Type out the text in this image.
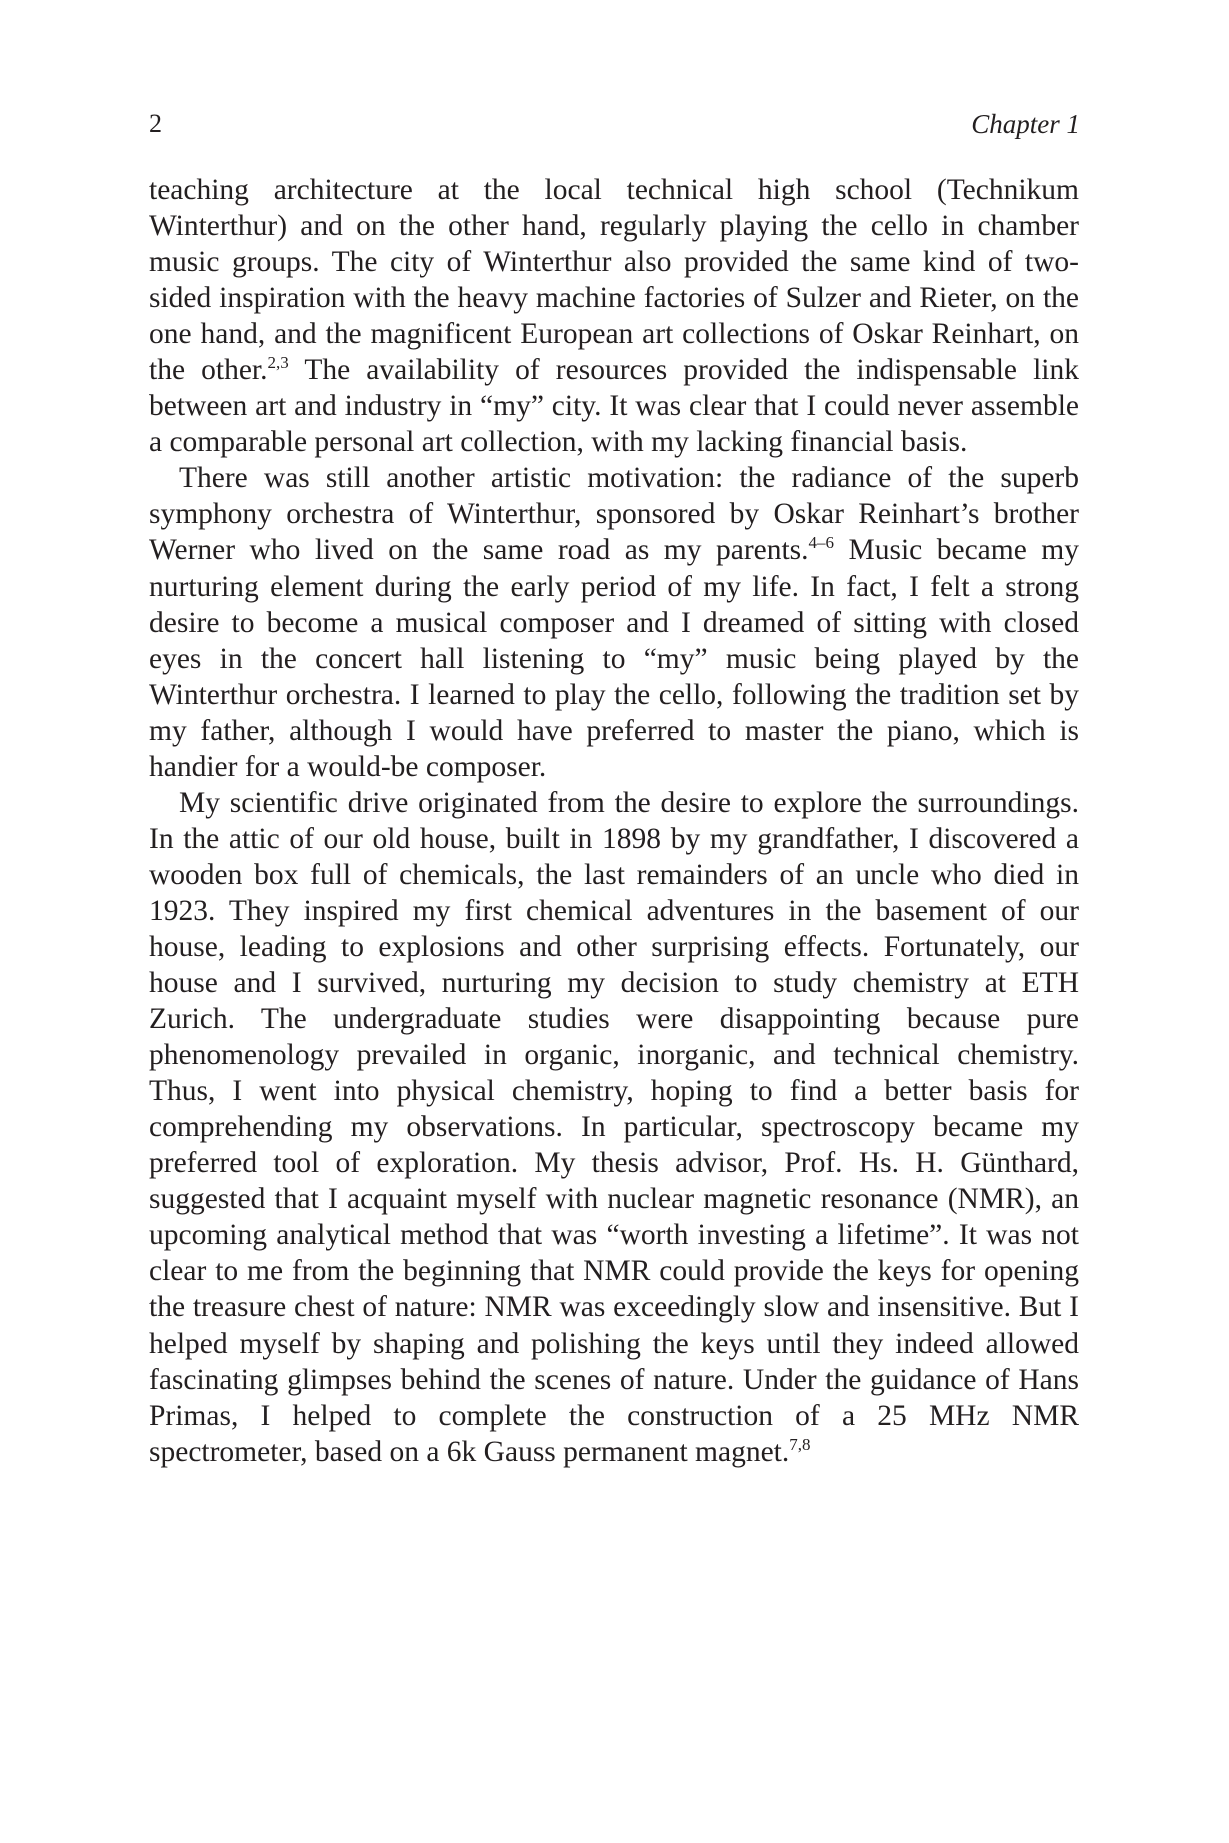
2	Chapter 1

teaching architecture at the local technical high school (Technikum Winterthur) and on the other hand, regularly playing the cello in chamber music groups. The city of Winterthur also provided the same kind of two-sided inspiration with the heavy machine factories of Sulzer and Rieter, on the one hand, and the magnificent European art collections of Oskar Reinhart, on the other.$^{2,3}$ The availability of resources provided the indispensable link between art and industry in “my” city. It was clear that I could never assemble a comparable personal art collection, with my lacking financial basis.

There was still another artistic motivation: the radiance of the superb symphony orchestra of Winterthur, sponsored by Oskar Reinhart’s brother Werner who lived on the same road as my parents.$^{4-6}$ Music became my nurturing element during the early period of my life. In fact, I felt a strong desire to become a musical composer and I dreamed of sitting with closed eyes in the concert hall listening to “my” music being played by the Winterthur orchestra. I learned to play the cello, following the tradition set by my father, although I would have preferred to master the piano, which is handier for a would-be composer.

My scientific drive originated from the desire to explore the surroundings. In the attic of our old house, built in 1898 by my grandfather, I discovered a wooden box full of chemicals, the last remainders of an uncle who died in 1923. They inspired my first chemical adventures in the basement of our house, leading to explosions and other surprising effects. Fortunately, our house and I survived, nurturing my decision to study chemistry at ETH Zurich. The undergraduate studies were disappointing because pure phenomenology prevailed in organic, inorganic, and technical chemistry. Thus, I went into physical chemistry, hoping to find a better basis for comprehending my observations. In particular, spectroscopy became my preferred tool of exploration. My thesis advisor, Prof. Hs. H. Günthard, suggested that I acquaint myself with nuclear magnetic resonance (NMR), an upcoming analytical method that was “worth investing a lifetime”. It was not clear to me from the beginning that NMR could provide the keys for opening the treasure chest of nature: NMR was exceedingly slow and insensitive. But I helped myself by shaping and polishing the keys until they indeed allowed fascinating glimpses behind the scenes of nature. Under the guidance of Hans Primas, I helped to complete the construction of a 25 MHz NMR spectrometer, based on a 6k Gauss permanent magnet.$^{7,8}$
